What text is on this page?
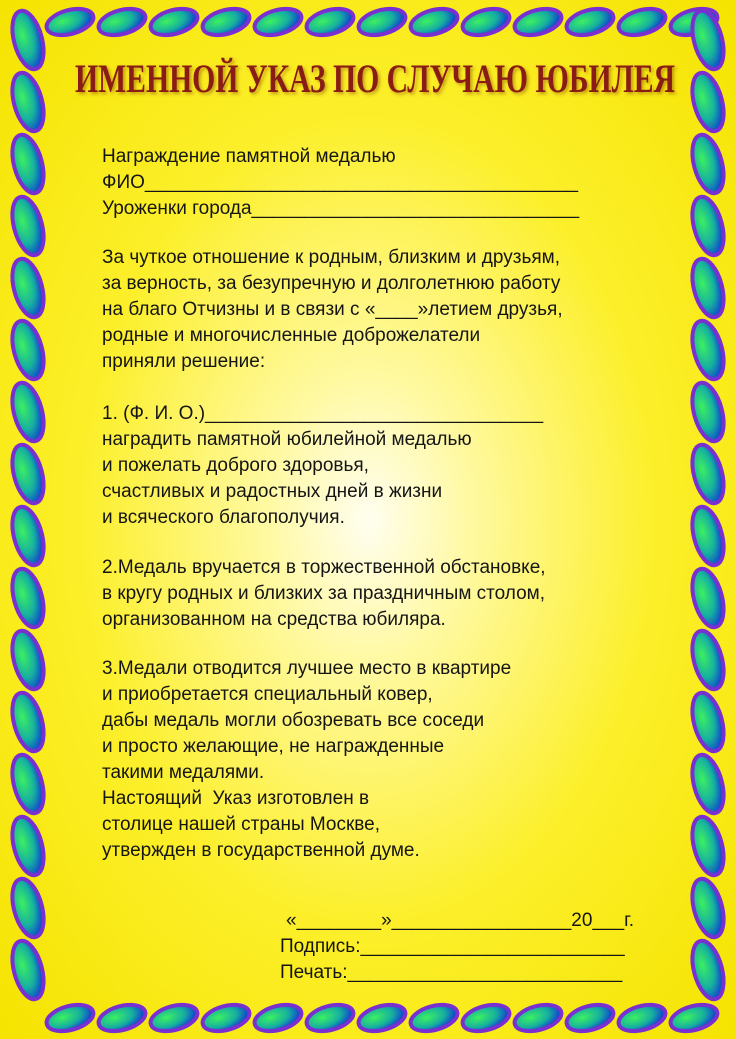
ИМЕННОЙ УКАЗ ПО СЛУЧАЮ ЮБИЛЕЯ
Награждение памятной медалью
ФИО_________________________________________
Уроженки города_______________________________
За чуткое отношение к родным, близким и друзьям,
за верность, за безупречную и долголетнюю работу
на благо Отчизны и в связи с «____»летием друзья,
родные и многочисленные доброжелатели
приняли решение:
1. (Ф. И. О.)________________________________
наградить памятной юбилейной медалью
и пожелать доброго здоровья,
счастливых и радостных дней в жизни
и всяческого благополучия.
2.Медаль вручается в торжественной обстановке,
в кругу родных и близких за праздничным столом,
организованном на средства юбиляра.
3.Медали отводится лучшее место в квартире
и приобретается специальный ковер,
дабы медаль могли обозревать все соседи
и просто желающие, не награжденные
такими медалями.
Настоящий  Указ изготовлен в
столице нашей страны Москве,
утвержден в государственной думе.
«________»_________________20___г.
Подпись:_________________________
Печать:__________________________
